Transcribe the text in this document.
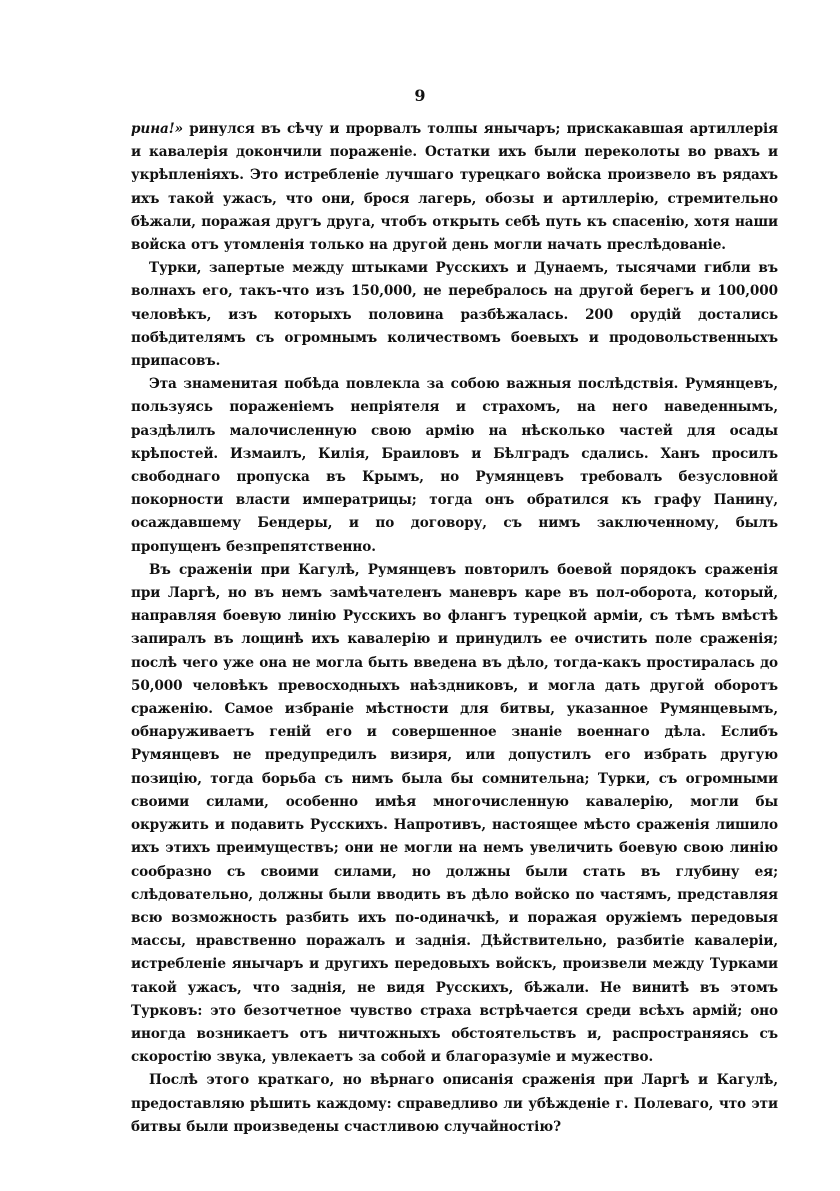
9

рина!» ринулся въ сѣчу и прорвалъ толпы янычаръ; прискакавшая артиллерія и кавалерія докончили пораженіе. Остатки ихъ были переколоты во рвахъ и укрѣпленіяхъ. Это истребленіе лучшаго турецкаго войска произвело въ рядахъ ихъ такой ужасъ, что они, брося лагерь, обозы и артиллерію, стремительно бѣжали, поражая другъ друга, чтобъ открыть себѣ путь къ спасенію, хотя наши войска отъ утомленія только на другой день могли начать преслѣдованіе.

Турки, запертые между штыками Русскихъ и Дунаемъ, тысячами гибли въ волнахъ его, такъ-что изъ 150,000, не перебралось на другой берегъ и 100,000 человѣкъ, изъ которыхъ половина разбѣжалась. 200 орудій достались побѣдителямъ съ огромнымъ количествомъ боевыхъ и продовольственныхъ припасовъ.

Эта знаменитая побѣда повлекла за собою важныя послѣдствія. Румянцевъ, пользуясь пораженіемъ непріятеля и страхомъ, на него наведеннымъ, раздѣлилъ малочисленную свою армію на нѣсколько частей для осады крѣпостей. Измаилъ, Килія, Браиловъ и Бѣлградъ сдались. Ханъ просилъ свободнаго пропуска въ Крымъ, но Румянцевъ требовалъ безусловной покорности власти императрицы; тогда онъ обратился къ графу Панину, осаждавшему Бендеры, и по договору, съ нимъ заключенному, былъ пропущенъ безпрепятственно.

Въ сраженіи при Кагулѣ, Румянцевъ повторилъ боевой порядокъ сраженія при Ларгѣ, но въ немъ замѣчателенъ маневръ каре въ пол-оборота, который, направляя боевую линію Русскихъ во флангъ турецкой арміи, съ тѣмъ вмѣстѣ запиралъ въ лощинѣ ихъ кавалерію и принудилъ ее очистить поле сраженія; послѣ чего уже она не могла быть введена въ дѣло, тогда-какъ простиралась до 50,000 человѣкъ превосходныхъ наѣздниковъ, и могла дать другой оборотъ сраженію. Самое избраніе мѣстности для битвы, указанное Румянцевымъ, обнаруживаетъ геній его и совершенное знаніе военнаго дѣла. Еслибъ Румянцевъ не предупредилъ визиря, или допустилъ его избрать другую позицію, тогда борьба съ нимъ была бы сомнительна; Турки, съ огромными своими силами, особенно имѣя многочисленную кавалерію, могли бы окружить и подавить Русскихъ. Напротивъ, настоящее мѣсто сраженія лишило ихъ этихъ преимуществъ; они не могли на немъ увеличить боевую свою линію сообразно съ своими силами, но должны были стать въ глубину ея; слѣдовательно, должны были вводить въ дѣло войско по частямъ, представляя всю возможность разбить ихъ по-одиначкѣ, и поражая оружіемъ передовыя массы, нравственно поражалъ и заднія. Дѣйствительно, разбитіе кавалеріи, истребленіе янычаръ и другихъ передовыхъ войскъ, произвели между Турками такой ужасъ, что заднія, не видя Русскихъ, бѣжали. Не винитѣ въ этомъ Турковъ: это безотчетное чувство страха встрѣчается среди всѣхъ армій; оно иногда возникаетъ отъ ничтожныхъ обстоятельствъ и, распространяясь съ скоростію звука, увлекаетъ за собой и благоразуміе и мужество.

Послѣ этого краткаго, но вѣрнаго описанія сраженія при Ларгѣ и Кагулѣ, предоставляю рѣшить каждому: справедливо ли убѣжденіе г. Полеваго, что эти битвы были произведены счастливою случайностію?
